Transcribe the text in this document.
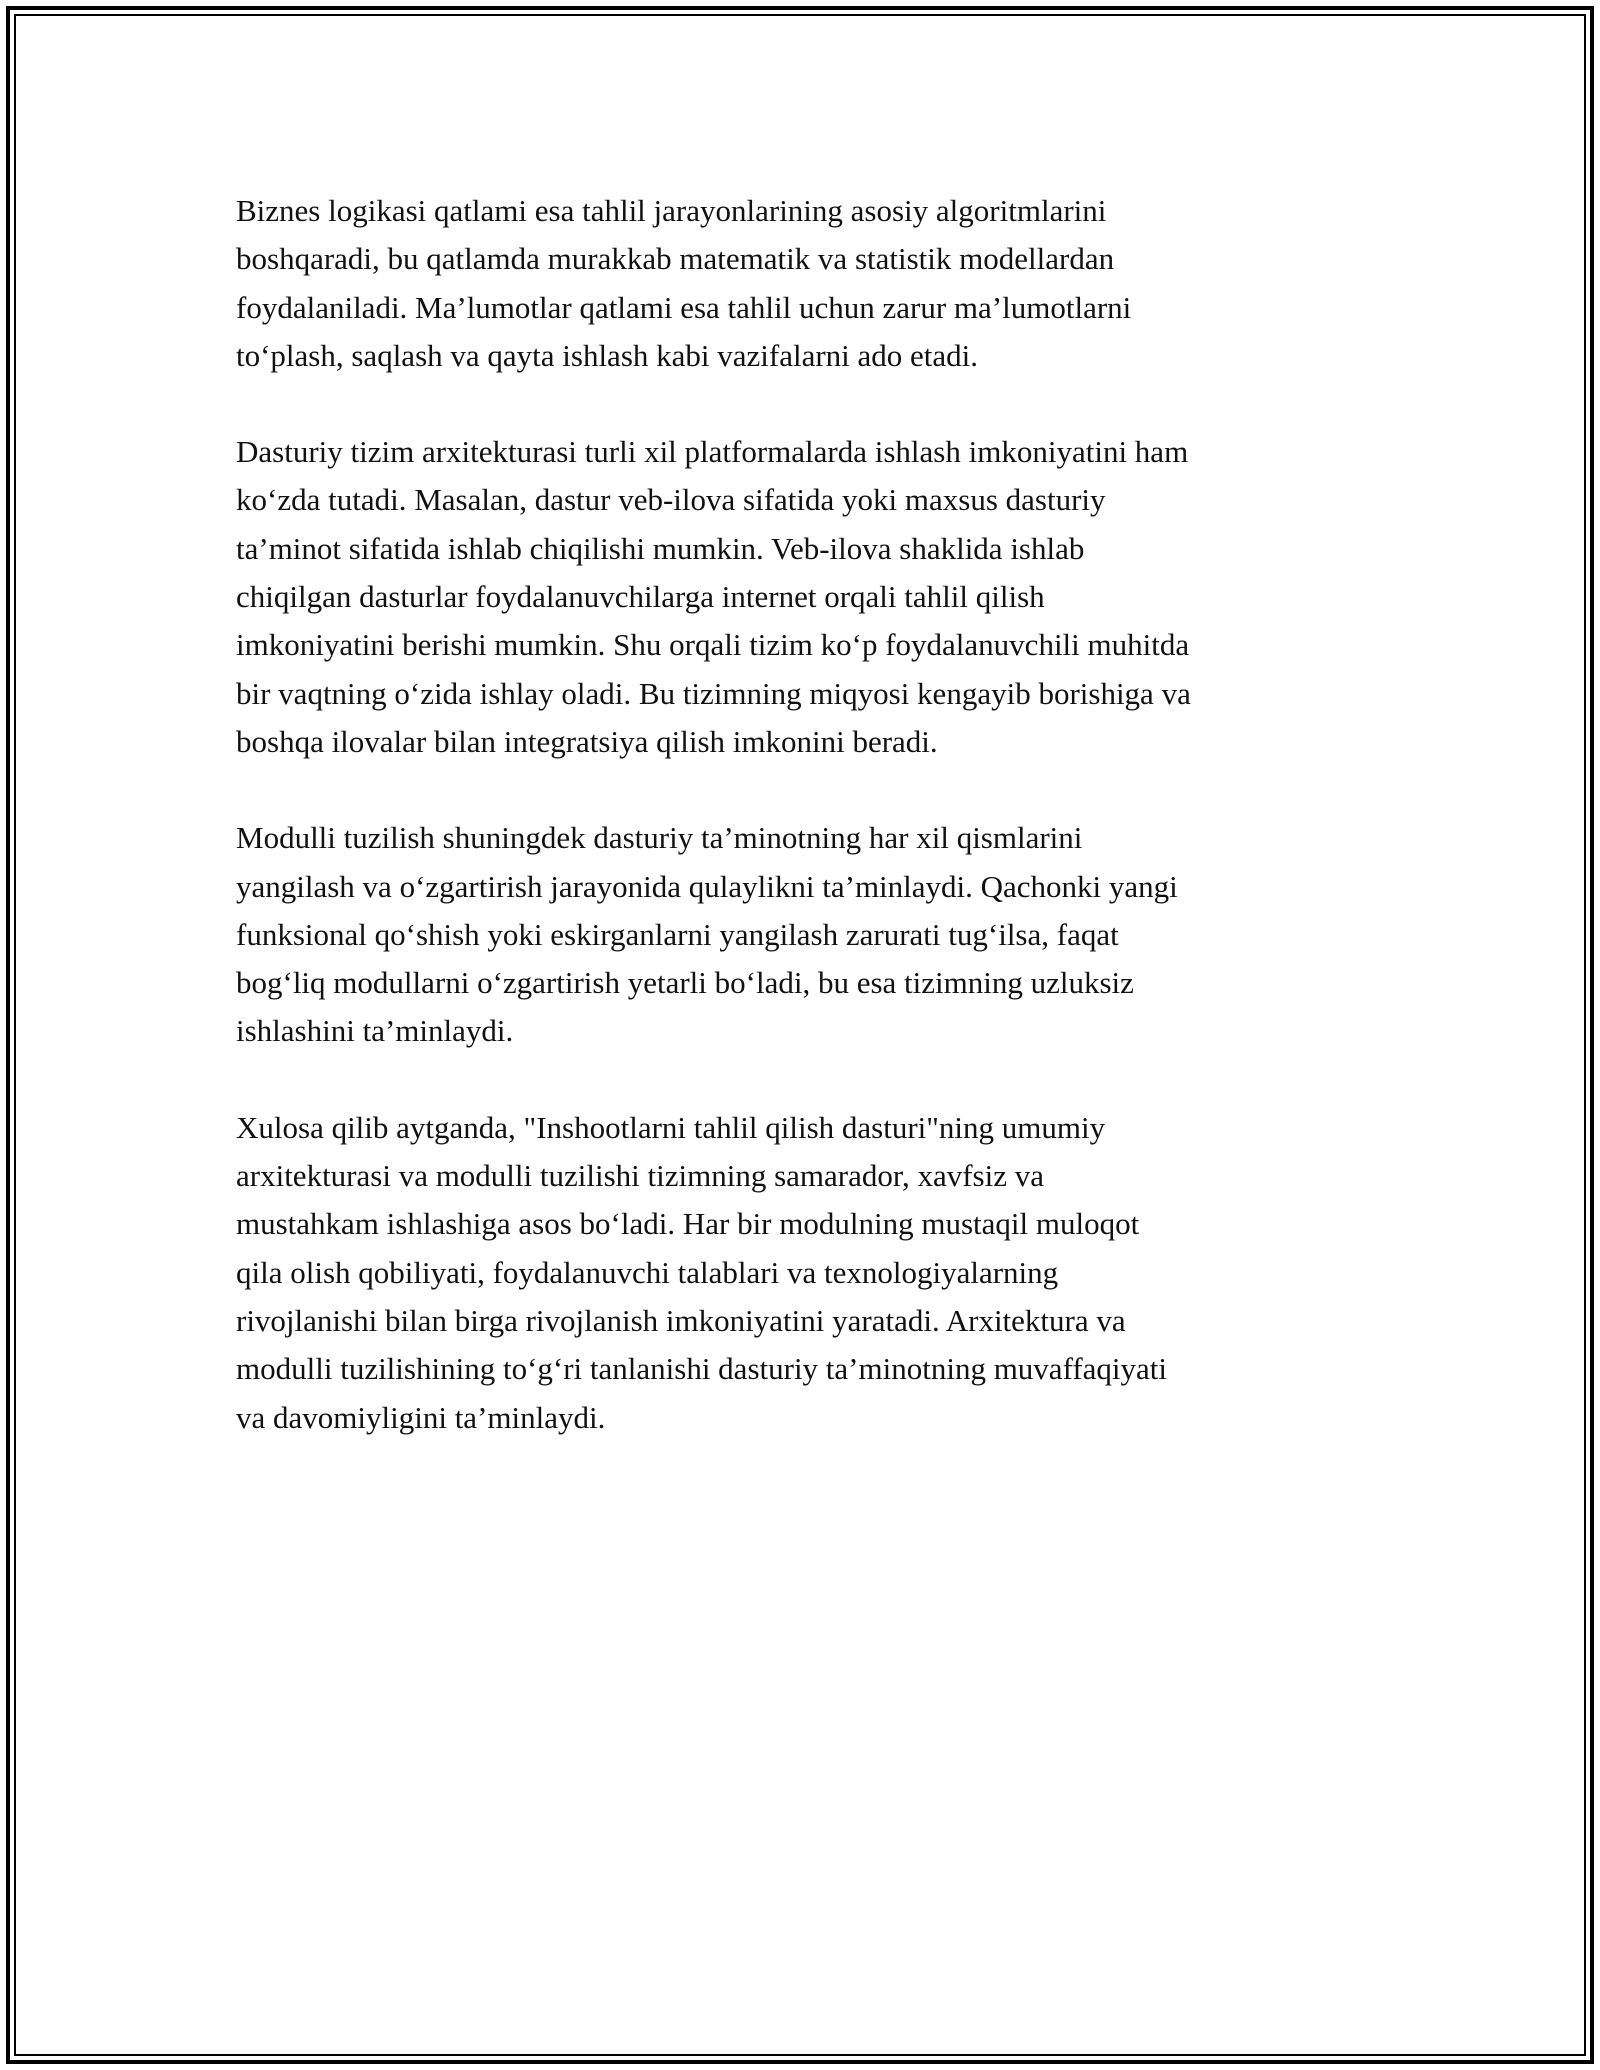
Biznes logikasi qatlami esa tahlil jarayonlarining asosiy algoritmlarini
boshqaradi, bu qatlamda murakkab matematik va statistik modellardan
foydalaniladi. Ma’lumotlar qatlami esa tahlil uchun zarur ma’lumotlarni
to‘plash, saqlash va qayta ishlash kabi vazifalarni ado etadi.

Dasturiy tizim arxitekturasi turli xil platformalarda ishlash imkoniyatini ham
ko‘zda tutadi. Masalan, dastur veb-ilova sifatida yoki maxsus dasturiy
ta’minot sifatida ishlab chiqilishi mumkin. Veb-ilova shaklida ishlab
chiqilgan dasturlar foydalanuvchilarga internet orqali tahlil qilish
imkoniyatini berishi mumkin. Shu orqali tizim ko‘p foydalanuvchili muhitda
bir vaqtning o‘zida ishlay oladi. Bu tizimning miqyosi kengayib borishiga va
boshqa ilovalar bilan integratsiya qilish imkonini beradi.

Modulli tuzilish shuningdek dasturiy ta’minotning har xil qismlarini
yangilash va o‘zgartirish jarayonida qulaylikni ta’minlaydi. Qachonki yangi
funksional qo‘shish yoki eskirganlarni yangilash zarurati tug‘ilsa, faqat
bog‘liq modullarni o‘zgartirish yetarli bo‘ladi, bu esa tizimning uzluksiz
ishlashini ta’minlaydi.

Xulosa qilib aytganda, "Inshootlarni tahlil qilish dasturi"ning umumiy
arxitekturasi va modulli tuzilishi tizimning samarador, xavfsiz va
mustahkam ishlashiga asos bo‘ladi. Har bir modulning mustaqil muloqot
qila olish qobiliyati, foydalanuvchi talablari va texnologiyalarning
rivojlanishi bilan birga rivojlanish imkoniyatini yaratadi. Arxitektura va
modulli tuzilishining to‘g‘ri tanlanishi dasturiy ta’minotning muvaffaqiyati
va davomiyligini ta’minlaydi.
